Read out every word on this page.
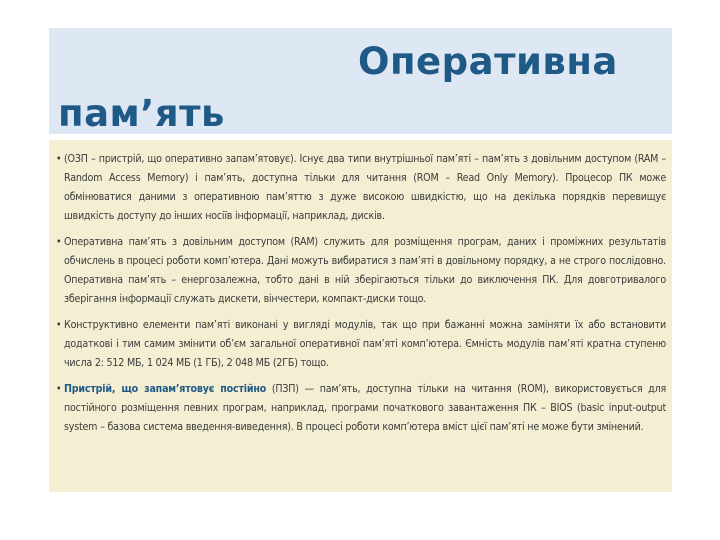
Оперативна
пам’ять
• (ОЗП – пристрій, що оперативно запам’ятовує). Існує два типи внутрішньої пам’яті – пам’ять з довільним доступом (RAM – Random Access Memory) і пам’ять, доступна тільки для читання (ROM – Read Only Memory). Процесор ПК може обмінюватися даними з оперативною пам’яттю з дуже високою швидкістю, що на декілька порядків перевищує швидкість доступу до інших носіїв інформації, наприклад, дисків.
• Оперативна пам’ять з довільним доступом (RAM) служить для розміщення програм, даних і проміжних результатів обчислень в процесі роботи комп’ютера. Дані можуть вибиратися з пам’яті в довільному порядку, а не строго послідовно. Оперативна пам’ять – енергозалежна, тобто дані в ній зберігаються тільки до виключення ПК. Для довготривалого зберігання інформації служать дискети, вінчестери, компакт-диски тощо.
• Конструктивно елементи пам’яті виконані у вигляді модулів, так що при бажанні можна заміняти їх або встановити додаткові і тим самим змінити об’єм загальної оперативної пам’яті комп’ютера. Ємність модулів пам’яті кратна ступеню числа 2: 512 МБ, 1 024 МБ (1 ГБ), 2 048 МБ (2ГБ) тощо.
• Пристрій, що запам’ятовує постійно (ПЗП) — пам’ять, доступна тільки на читання (ROM), використовується для постійного розміщення певних програм, наприклад, програми початкового завантаження ПК – BIOS (basic input-output system – базова система введення-виведення). В процесі роботи комп’ютера вміст цієї пам’яті не може бути змінений.
